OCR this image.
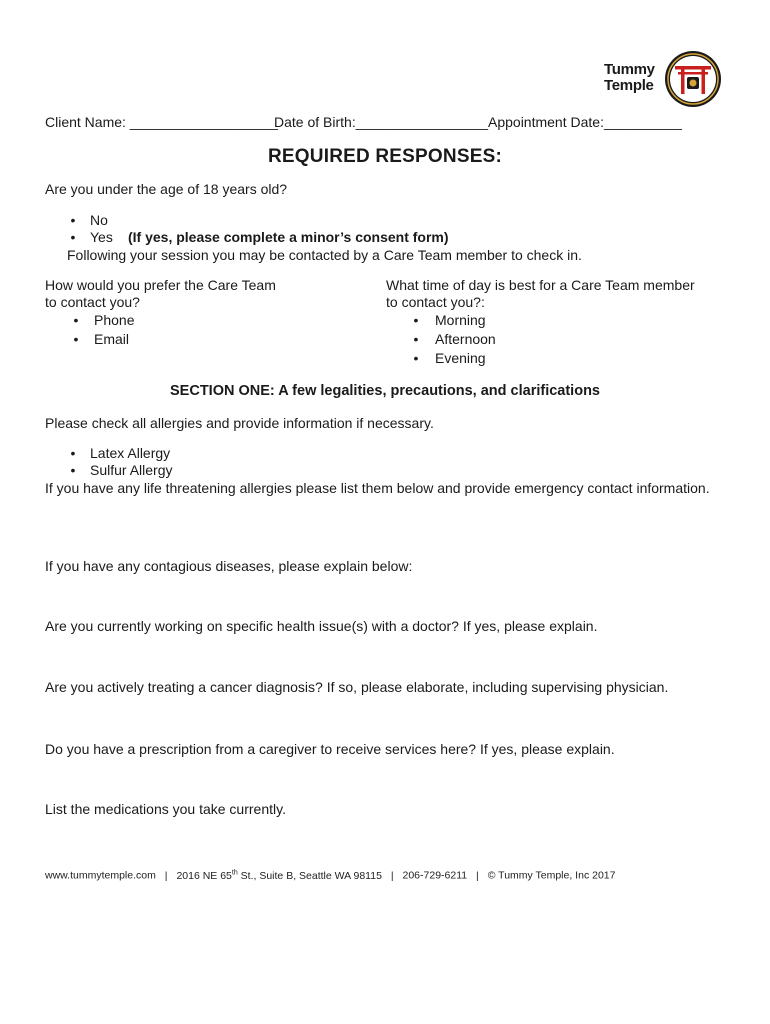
Tummy
Temple
Client Name: ___________________
Date of Birth:_________________ Appointment Date:__________
REQUIRED RESPONSES:
Are you under the age of 18 years old?
• No
• Yes (If yes, please complete a minor’s consent form)
Following your session you may be contacted by a Care Team member to check in.
How would you prefer the Care Team
to contact you?
• Phone
• Email
What time of day is best for a Care Team member
to contact you?:
• Morning
• Afternoon
• Evening
SECTION ONE: A few legalities, precautions, and clarifications
Please check all allergies and provide information if necessary.
• Latex Allergy
• Sulfur Allergy
If you have any life threatening allergies please list them below and provide emergency contact information.
If you have any contagious diseases, please explain below:
Are you currently working on specific health issue(s) with a doctor? If yes, please explain.
Are you actively treating a cancer diagnosis? If so, please elaborate, including supervising physician.
Do you have a prescription from a caregiver to receive services here? If yes, please explain.
List the medications you take currently.
www.tummytemple.com | 2016 NE 65th St., Suite B, Seattle WA 98115 | 206-729-6211 | © Tummy Temple, Inc 2017
